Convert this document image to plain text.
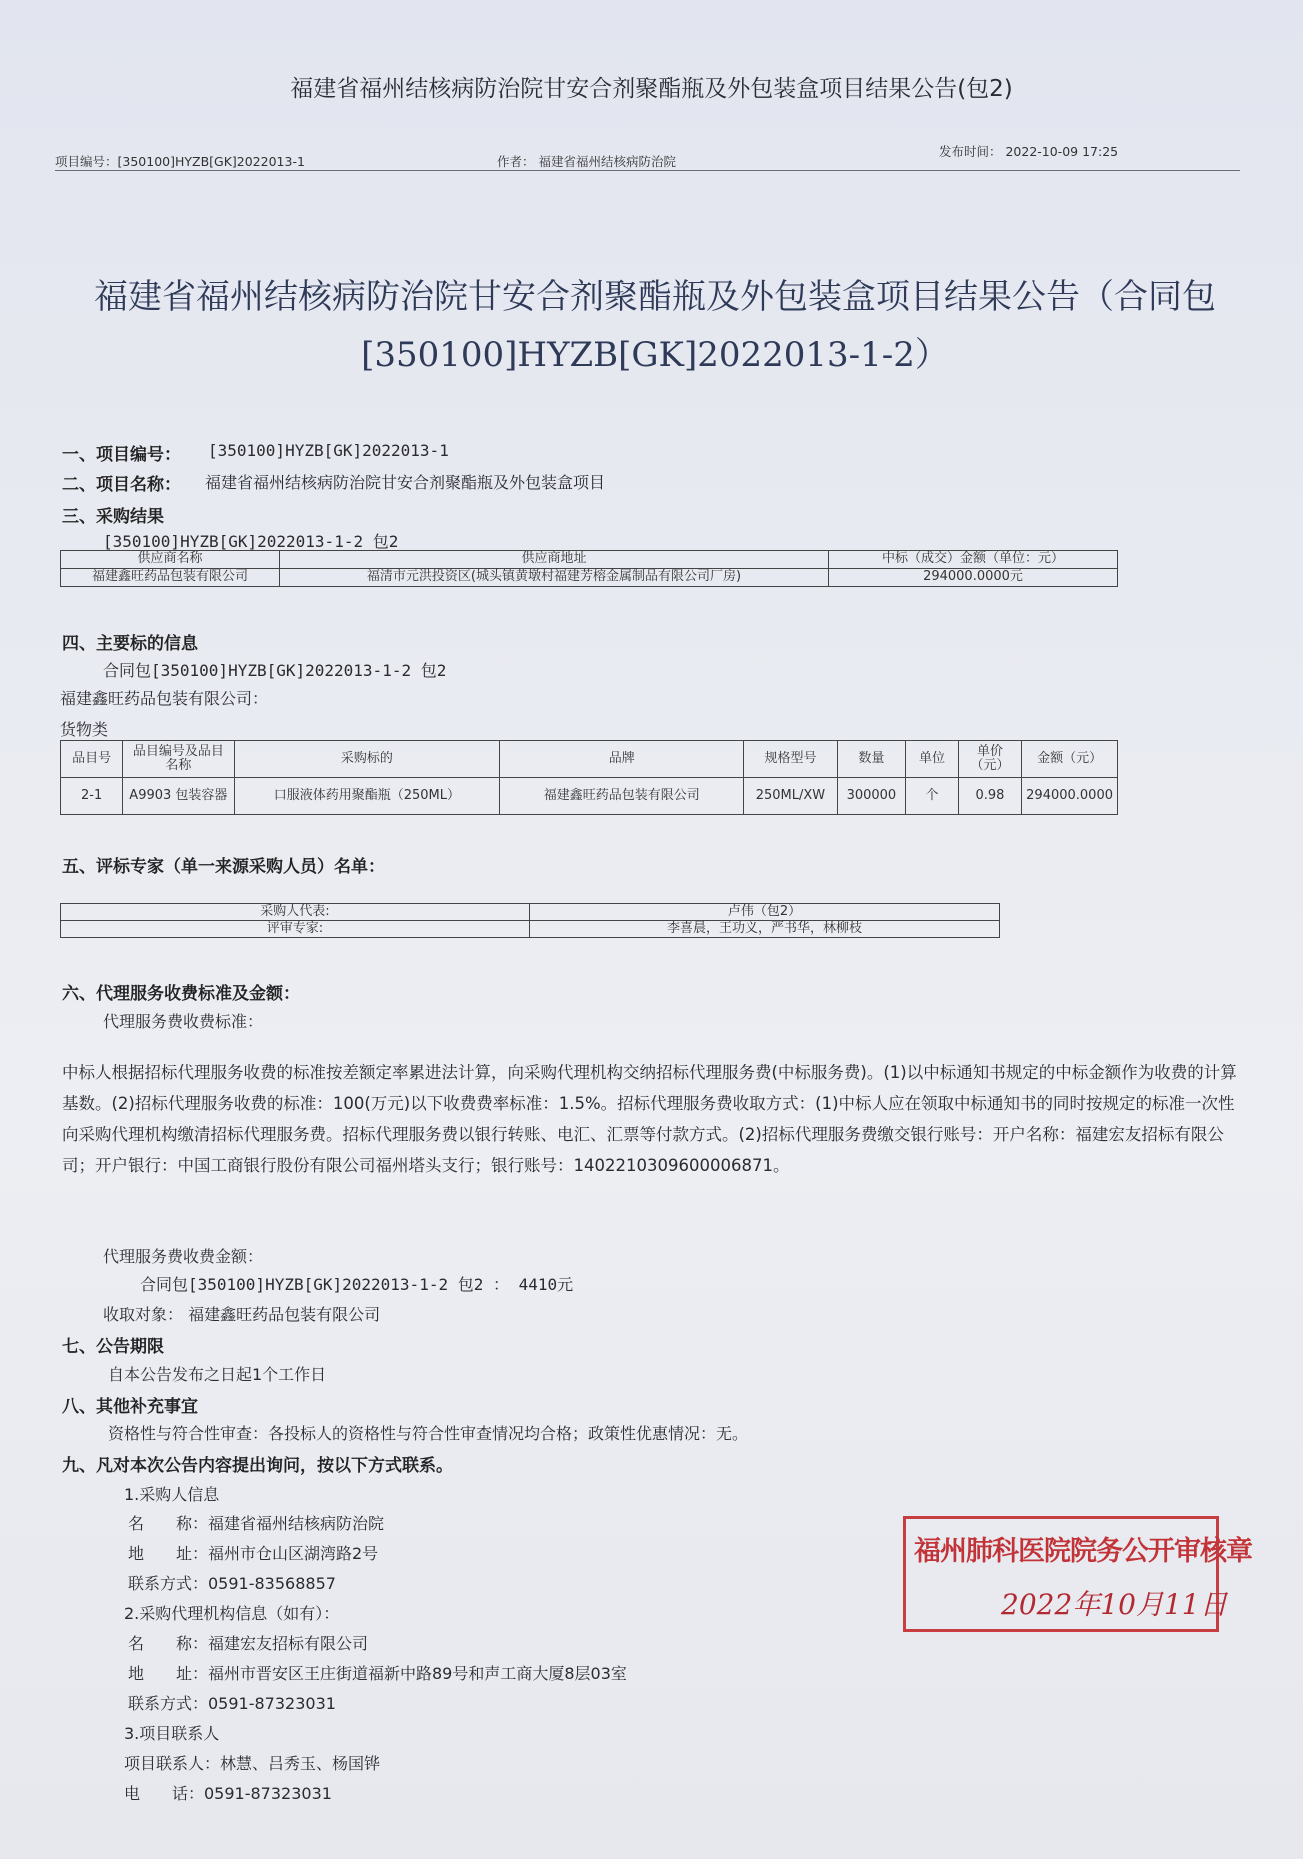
福建省福州结核病防治院甘安合剂聚酯瓶及外包装盒项目结果公告(包2)
项目编号：[350100]HYZB[GK]2022013-1	作者： 福建省福州结核病防治院
发布时间： 2022-10-09 17:25
福建省福州结核病防治院甘安合剂聚酯瓶及外包装盒项目结果公告（合同包[350100]HYZB[GK]2022013-1-2）
一、项目编号： [350100]HYZB[GK]2022013-1
二、项目名称： 福建省福州结核病防治院甘安合剂聚酯瓶及外包装盒项目
三、采购结果
[350100]HYZB[GK]2022013-1-2 包2
供应商名称	供应商地址	中标（成交）金额（单位：元）
福建鑫旺药品包装有限公司	福清市元洪投资区(城头镇黄墩村福建芳榕金属制品有限公司厂房)	294000.0000元
四、主要标的信息
合同包[350100]HYZB[GK]2022013-1-2 包2
福建鑫旺药品包装有限公司：
货物类
品目号	品目编号及品目名称	采购标的	品牌	规格型号	数量	单位	单价（元）	金额（元）
2-1	A9903 包装容器	口服液体药用聚酯瓶（250ML）	福建鑫旺药品包装有限公司	250ML/XW	300000	个	0.98	294000.0000
五、评标专家（单一来源采购人员）名单：
采购人代表:	卢伟（包2）
评审专家:	李喜晨，王功义，严书华，林柳枝
六、代理服务收费标准及金额：
代理服务费收费标准：
中标人根据招标代理服务收费的标准按差额定率累进法计算，向采购代理机构交纳招标代理服务费(中标服务费)。(1)以中标通知书规定的中标金额作为收费的计算基数。(2)招标代理服务收费的标准：100(万元)以下收费费率标准：1.5%。招标代理服务费收取方式：(1)中标人应在领取中标通知书的同时按规定的标准一次性向采购代理机构缴清招标代理服务费。招标代理服务费以银行转账、电汇、汇票等付款方式。(2)招标代理服务费缴交银行账号：开户名称：福建宏友招标有限公司；开户银行：中国工商银行股份有限公司福州塔头支行；银行账号：1402210309600006871。
代理服务费收费金额：
合同包[350100]HYZB[GK]2022013-1-2 包2 ： 4410元
收取对象： 福建鑫旺药品包装有限公司
七、公告期限
自本公告发布之日起1个工作日
八、其他补充事宜
资格性与符合性审查：各投标人的资格性与符合性审查情况均合格；政策性优惠情况：无。
九、凡对本次公告内容提出询问，按以下方式联系。
1.采购人信息
名　　称：福建省福州结核病防治院
地　　址：福州市仓山区湖湾路2号
联系方式：0591-83568857
2.采购代理机构信息（如有）：
名　　称：福建宏友招标有限公司
地　　址：福州市晋安区王庄街道福新中路89号和声工商大厦8层03室
联系方式：0591-87323031
3.项目联系人
项目联系人：林慧、吕秀玉、杨国铧
电　　话：0591-87323031
福州肺科医院院务公开审核章
2022年10月11日
